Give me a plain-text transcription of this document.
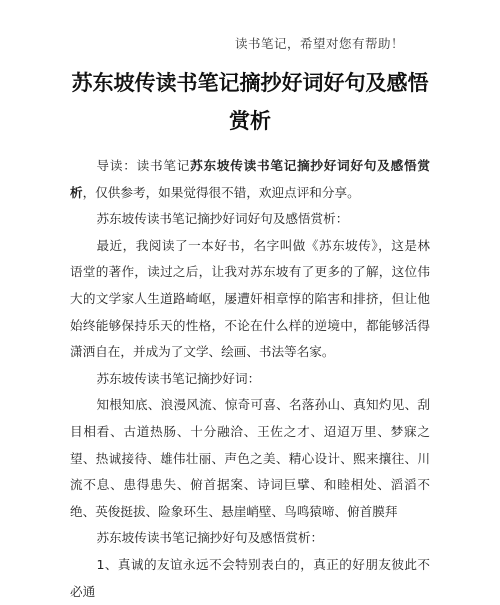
读书笔记，希望对您有帮助！
苏东坡传读书笔记摘抄好词好句及感悟赏析

导读：读书笔记苏东坡传读书笔记摘抄好词好句及感悟赏析，仅供参考，如果觉得很不错，欢迎点评和分享。

苏东坡传读书笔记摘抄好词好句及感悟赏析：

最近，我阅读了一本好书，名字叫做《苏东坡传》，这是林语堂的著作，读过之后，让我对苏东坡有了更多的了解，这位伟大的文学家人生道路崎岖，屡遭奸相章惇的陷害和排挤，但让他始终能够保持乐天的性格，不论在什么样的逆境中，都能够活得潇洒自在，并成为了文学、绘画、书法等名家。

苏东坡传读书笔记摘抄好词：

知根知底、浪漫风流、惊奇可喜、名落孙山、真知灼见、刮目相看、古道热肠、十分融洽、王佐之才、迢迢万里、梦寐之望、热诚接待、雄伟壮丽、声色之美、精心设计、熙来攘往、川流不息、患得患失、俯首据案、诗词巨擘、和睦相处、滔滔不绝、英俊挺拔、险象环生、悬崖峭壁、鸟鸣猿啼、俯首膜拜

苏东坡传读书笔记摘抄好句及感悟赏析：

1、真诚的友谊永远不会特别表白的，真正的好朋友彼此不必通
